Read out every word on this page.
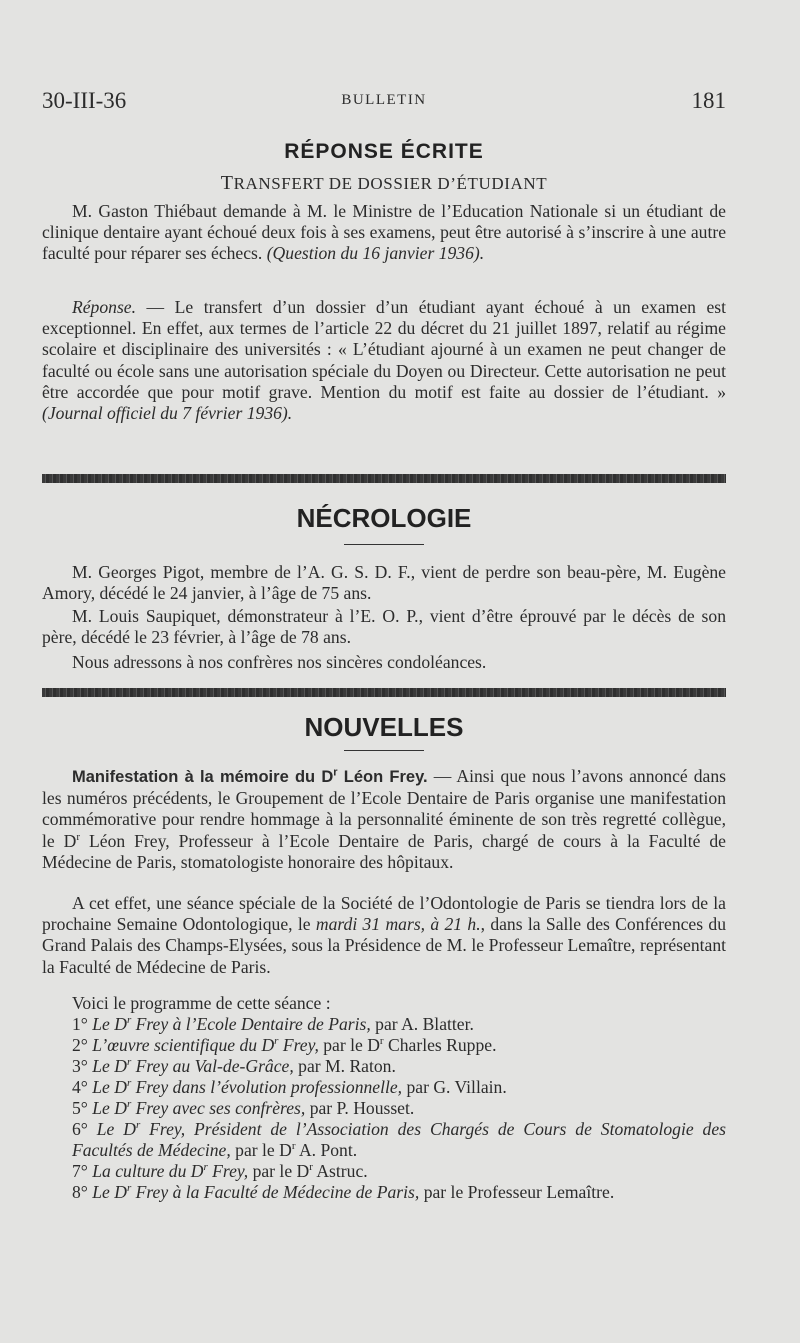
30-III-36	BULLETIN	181
RÉPONSE ÉCRITE
TRANSFERT DE DOSSIER D’ÉTUDIANT

M. Gaston Thiébaut demande à M. le Ministre de l’Education Nationale si un étudiant de clinique dentaire ayant échoué deux fois à ses examens, peut être autorisé à s’inscrire à une autre faculté pour réparer ses échecs. (Question du 16 janvier 1936).

Réponse. — Le transfert d’un dossier d’un étudiant ayant échoué à un examen est exceptionnel. En effet, aux termes de l’article 22 du décret du 21 juillet 1897, relatif au régime scolaire et disciplinaire des universités : « L’étudiant ajourné à un examen ne peut changer de faculté ou école sans une autorisation spéciale du Doyen ou Directeur. Cette autorisation ne peut être accordée que pour motif grave. Mention du motif est faite au dossier de l’étudiant. » (Journal officiel du 7 février 1936).

NÉCROLOGIE

M. Georges Pigot, membre de l’A. G. S. D. F., vient de perdre son beau-père, M. Eugène Amory, décédé le 24 janvier, à l’âge de 75 ans.

M. Louis Saupiquet, démonstrateur à l’E. O. P., vient d’être éprouvé par le décès de son père, décédé le 23 février, à l’âge de 78 ans.

Nous adressons à nos confrères nos sincères condoléances.

NOUVELLES

Manifestation à la mémoire du $D^r$ Léon Frey. — Ainsi que nous l’avons annoncé dans les numéros précédents, le Groupement de l’Ecole Dentaire de Paris organise une manifestation commémorative pour rendre hommage à la personnalité éminente de son très regretté collègue, le $D^r$ Léon Frey, Professeur à l’Ecole Dentaire de Paris, chargé de cours à la Faculté de Médecine de Paris, stomatologiste honoraire des hôpitaux.

A cet effet, une séance spéciale de la Société de l’Odontologie de Paris se tiendra lors de la prochaine Semaine Odontologique, le mardi 31 mars, à 21 h., dans la Salle des Conférences du Grand Palais des Champs-Elysées, sous la Présidence de M. le Professeur Lemaître, représentant la Faculté de Médecine de Paris.

Voici le programme de cette séance :

1° Le $D^r$ Frey à l’Ecole Dentaire de Paris, par A. Blatter.
2° L’œuvre scientifique du $D^r$ Frey, par le $D^r$ Charles Ruppe.
3° Le $D^r$ Frey au Val-de-Grâce, par M. Raton.
4° Le $D^r$ Frey dans l’évolution professionnelle, par G. Villain.
5° Le $D^r$ Frey avec ses confrères, par P. Housset.
6° Le $D^r$ Frey, Président de l’Association des Chargés de Cours de Stomatologie des Facultés de Médecine, par le $D^r$ A. Pont.
7° La culture du $D^r$ Frey, par le $D^r$ Astruc.
8° Le $D^r$ Frey à la Faculté de Médecine de Paris, par le Professeur Lemaître.
